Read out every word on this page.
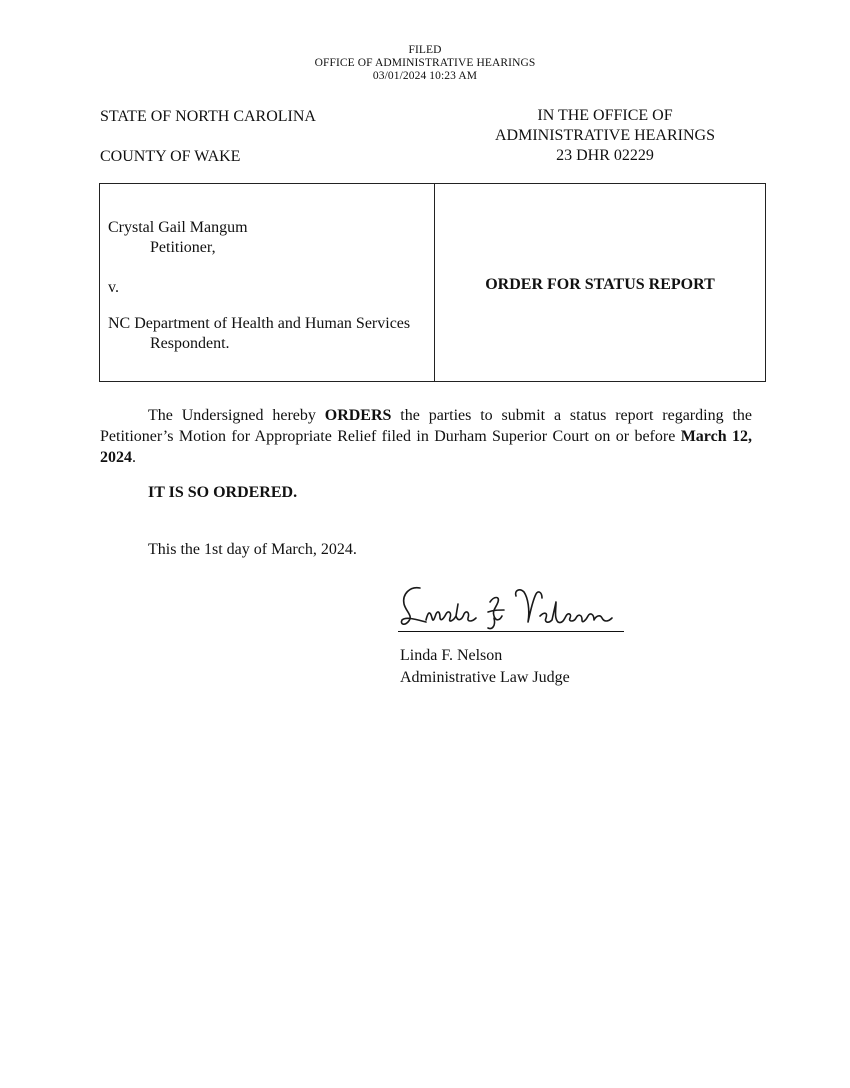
FILED
OFFICE OF ADMINISTRATIVE HEARINGS
03/01/2024 10:23 AM
STATE OF NORTH CAROLINA
COUNTY OF WAKE
IN THE OFFICE OF
ADMINISTRATIVE HEARINGS
23 DHR 02229
Crystal Gail Mangum
Petitioner,
v.
NC Department of Health and Human Services
Respondent.
ORDER FOR STATUS REPORT
The Undersigned hereby ORDERS the parties to submit a status report regarding the Petitioner’s Motion for Appropriate Relief filed in Durham Superior Court on or before March 12, 2024.
IT IS SO ORDERED.
This the 1st day of March, 2024.
Linda F. Nelson
Administrative Law Judge
